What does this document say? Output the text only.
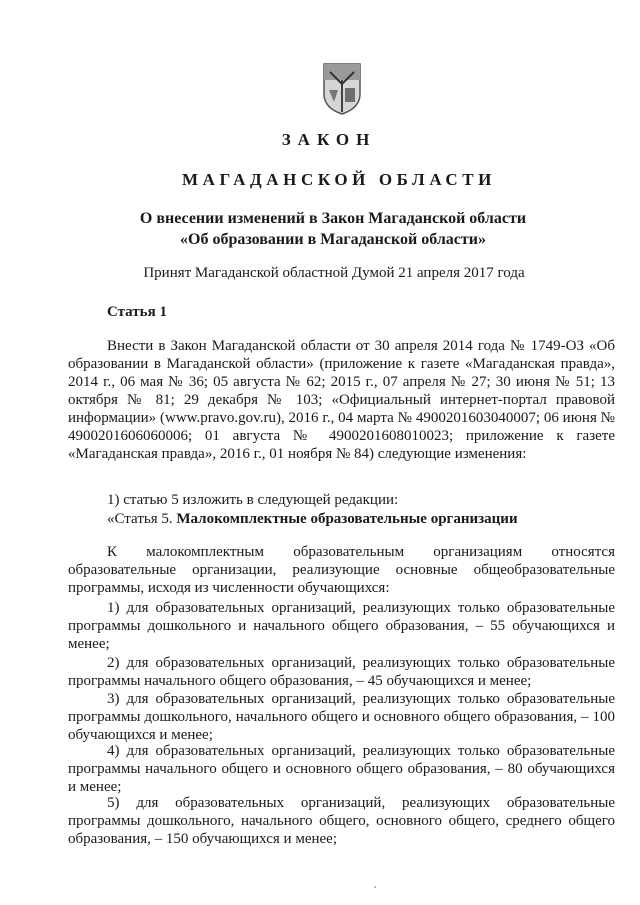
ЗАКОН
МАГАДАНСКОЙ ОБЛАСТИ
О внесении изменений в Закон Магаданской области
«Об образовании в Магаданской области»
Принят Магаданской областной Думой 21 апреля 2017 года
Статья 1
Внести в Закон Магаданской области от 30 апреля 2014 года № 1749-ОЗ «Об образовании в Магаданской области» (приложение к газете «Магаданская правда», 2014 г., 06 мая № 36; 05 августа № 62; 2015 г., 07 апреля № 27; 30 июня № 51; 13 октября № 81; 29 декабря № 103; «Официальный интернет-портал правовой информации» (www.pravo.gov.ru), 2016 г., 04 марта № 4900201603040007; 06 июня № 4900201606060006; 01 августа № 4900201608010023; приложение к газете «Магаданская правда», 2016 г., 01 ноября № 84) следующие изменения:
1) статью 5 изложить в следующей редакции:
«Статья 5. Малокомплектные образовательные организации
К малокомплектным образовательным организациям относятся образовательные организации, реализующие основные общеобразовательные программы, исходя из численности обучающихся:
1) для образовательных организаций, реализующих только образовательные программы дошкольного и начального общего образования, – 55 обучающихся и менее;
2) для образовательных организаций, реализующих только образовательные программы начального общего образования, – 45 обучающихся и менее;
3) для образовательных организаций, реализующих только образовательные программы дошкольного, начального общего и основного общего образования, – 100 обучающихся и менее;
4) для образовательных организаций, реализующих только образовательные программы начального общего и основного общего образования, – 80 обучающихся и менее;
5) для образовательных организаций, реализующих образовательные программы дошкольного, начального общего, основного общего, среднего общего образования, – 150 обучающихся и менее;
